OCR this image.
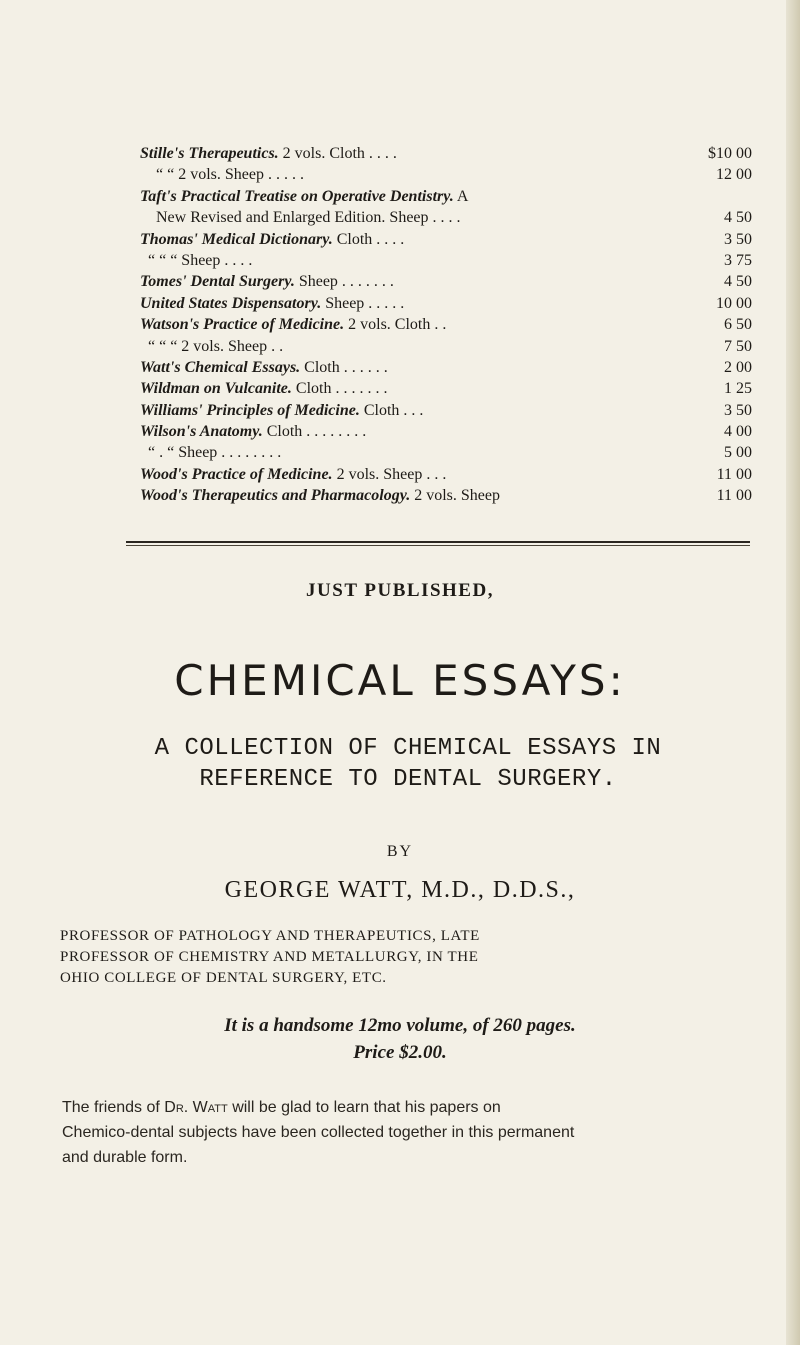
Stille's Therapeutics. 2 vols. Cloth . . . .	$10 00
“ “ 2 vols. Sheep . . . . .	12 00
Taft's Practical Treatise on Operative Dentistry. A
New Revised and Enlarged Edition. Sheep . . . .	4 50
Thomas' Medical Dictionary. Cloth . . . .	3 50
“ “ “ Sheep . . . .	3 75
Tomes' Dental Surgery. Sheep . . . . . . .	4 50
United States Dispensatory. Sheep . . . . .	10 00
Watson's Practice of Medicine. 2 vols. Cloth . .	6 50
“ “ “ 2 vols. Sheep . .	7 50
Watt's Chemical Essays. Cloth . . . . . .	2 00
Wildman on Vulcanite. Cloth . . . . . . .	1 25
Williams' Principles of Medicine. Cloth . . .	3 50
Wilson's Anatomy. Cloth . . . . . . . .	4 00
“ . “ Sheep . . . . . . . .	5 00
Wood's Practice of Medicine. 2 vols. Sheep . . .	11 00
Wood's Therapeutics and Pharmacology. 2 vols. Sheep	11 00
JUST PUBLISHED,
CHEMICAL ESSAYS:
A COLLECTION OF CHEMICAL ESSAYS IN
REFERENCE TO DENTAL SURGERY.
BY
GEORGE WATT, M.D., D.D.S.,
PROFESSOR OF PATHOLOGY AND THERAPEUTICS, LATE
PROFESSOR OF CHEMISTRY AND METALLURGY, IN THE
OHIO COLLEGE OF DENTAL SURGERY, ETC.
It is a handsome 12mo volume, of 260 pages.
Price $2.00.
The friends of Dr. Watt will be glad to learn that his papers on
Chemico-dental subjects have been collected together in this permanent
and durable form.
